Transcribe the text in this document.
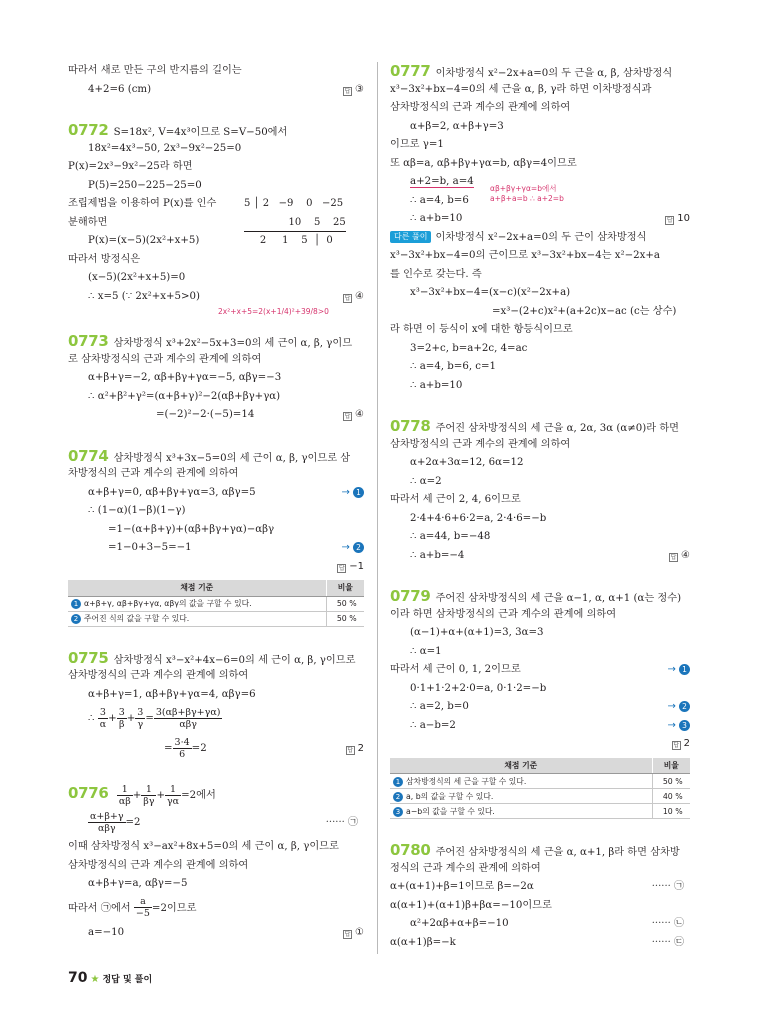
따라서 새로 만든 구의 반지름의 길이는
4+2=6 (cm)	답 ③
0772 S=18x², V=4x³이므로 S=V−50에서
18x²=4x³−50, 2x³−9x²−25=0
P(x)=2x³−9x²−25라 하면
P(5)=250−225−25=0
조립제법을 이용하여 P(x)를 인수
분해하면
P(x)=(x−5)(2x²+x+5)
5 │ 2   −9    0   −25
10    5    25
2     1    5  │  0
따라서 방정식은
(x−5)(2x²+x+5)=0
∴ x=5 (∵ 2x²+x+5>0)	답 ④
2x²+x+5=2(x+1/4)²+39/8>0
0773 삼차방정식 x³+2x²−5x+3=0의 세 근이 α, β, γ이므
로 삼차방정식의 근과 계수의 관계에 의하여
α+β+γ=−2, αβ+βγ+γα=−5, αβγ=−3
∴ α²+β²+γ²=(α+β+γ)²−2(αβ+βγ+γα)
=(−2)²−2·(−5)=14	답 ④
0774 삼차방정식 x³+3x−5=0의 세 근이 α, β, γ이므로 삼
차방정식의 근과 계수의 관계에 의하여
α+β+γ=0, αβ+βγ+γα=3, αβγ=5	→ 1
∴ (1−α)(1−β)(1−γ)
=1−(α+β+γ)+(αβ+βγ+γα)−αβγ
=1−0+3−5=−1	→ 2
답 −1
채점 기준	비율
1 α+β+γ, αβ+βγ+γα, αβγ의 값을 구할 수 있다.	50 %
2 주어진 식의 값을 구할 수 있다.	50 %
0775 삼차방정식 x³−x²+4x−6=0의 세 근이 α, β, γ이므로
삼차방정식의 근과 계수의 관계에 의하여
α+β+γ=1, αβ+βγ+γα=4, αβγ=6
∴ $\frac{3}{\alpha} + \frac{3}{\beta} + \frac{3}{\gamma} = \frac{3(\alpha\beta+\beta\gamma+\gamma\alpha)}{\text{αβγ}}$
= $\frac{3\cdot 4}{6} =2$	답 2
$0776 \frac{1}{\alpha\beta} + \frac{1}{\beta\gamma} + \frac{1}{\gamma\alpha} =2$에서
$\frac{\alpha+\beta+\gamma}{\text{αβγ}} =2$	······ ㉠
이때 삼차방정식 x³−ax²+8x+5=0의 세 근이 α, β, γ이므로
삼차방정식의 근과 계수의 관계에 의하여
α+β+γ=a, αβγ=−5
따라서 ㉠에서 $\frac{a}{-5} =2$이므로
a=−10	답 ①
0777 이차방정식 x²−2x+a=0의 두 근을 α, β, 삼차방정식
x³−3x²+bx−4=0의 세 근을 α, β, γ라 하면 이차방정식과
삼차방정식의 근과 계수의 관계에 의하여
α+β=2, α+β+γ=3
이므로 γ=1
또 αβ=a, αβ+βγ+γα=b, αβγ=4이므로
a+2=b, a=4
∴ a=4, b=6
αβ+βγ+γα=b에서
a+β+a=b ∴ a+2=b
∴ a+b=10	답 10
다른 풀이 이차방정식 x²−2x+a=0의 두 근이 삼차방정식
x³−3x²+bx−4=0의 근이므로 x³−3x²+bx−4는 x²−2x+a
를 인수로 갖는다. 즉
x³−3x²+bx−4=(x−c)(x²−2x+a)
=x³−(2+c)x²+(a+2c)x−ac (c는 상수)
라 하면 이 등식이 x에 대한 항등식이므로
3=2+c, b=a+2c, 4=ac
∴ a=4, b=6, c=1
∴ a+b=10
0778 주어진 삼차방정식의 세 근을 α, 2α, 3α (α≠0)라 하면
삼차방정식의 근과 계수의 관계에 의하여
α+2α+3α=12, 6α=12
∴ α=2
따라서 세 근이 2, 4, 6이므로
2·4+4·6+6·2=a, 2·4·6=−b
∴ a=44, b=−48
∴ a+b=−4	답 ④
0779 주어진 삼차방정식의 세 근을 α−1, α, α+1 (α는 정수)
이라 하면 삼차방정식의 근과 계수의 관계에 의하여
(α−1)+α+(α+1)=3, 3α=3
∴ α=1
따라서 세 근이 0, 1, 2이므로	→ 1
0·1+1·2+2·0=a, 0·1·2=−b
∴ a=2, b=0	→ 2
∴ a−b=2	→ 3
답 2
채점 기준	비율
1 삼차방정식의 세 근을 구할 수 있다.	50 %
2 a, b의 값을 구할 수 있다.	40 %
3 a−b의 값을 구할 수 있다.	10 %
0780 주어진 삼차방정식의 세 근을 α, α+1, β라 하면 삼차방
정식의 근과 계수의 관계에 의하여
α+(α+1)+β=1이므로 β=−2α	······ ㉠
α(α+1)+(α+1)β+βα=−10이므로
α²+2αβ+α+β=−10	······ ㉡
α(α+1)β=−k	······ ㉢
70 ★ 정답 및 풀이
